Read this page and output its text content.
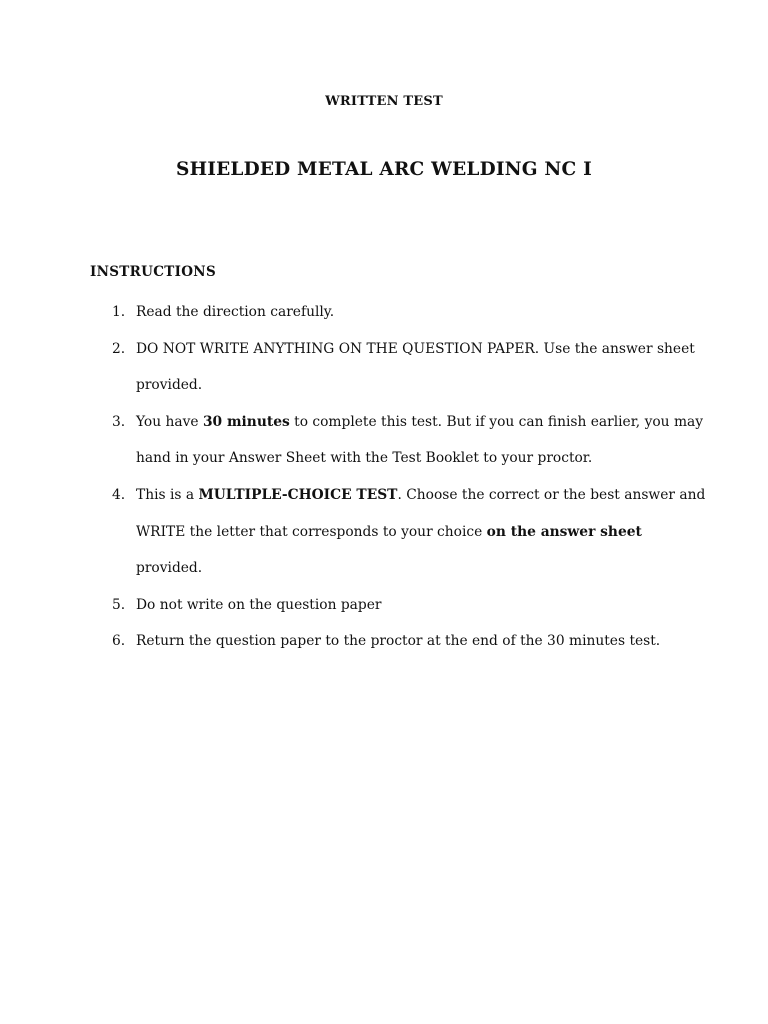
WRITTEN TEST
SHIELDED METAL ARC WELDING NC I
INSTRUCTIONS
1. Read the direction carefully.
2. DO NOT WRITE ANYTHING ON THE QUESTION PAPER. Use the answer sheet provided.
3. You have 30 minutes to complete this test. But if you can finish earlier, you may hand in your Answer Sheet with the Test Booklet to your proctor.
4. This is a MULTIPLE-CHOICE TEST. Choose the correct or the best answer and WRITE the letter that corresponds to your choice on the answer sheet provided.
5. Do not write on the question paper
6. Return the question paper to the proctor at the end of the 30 minutes test.
